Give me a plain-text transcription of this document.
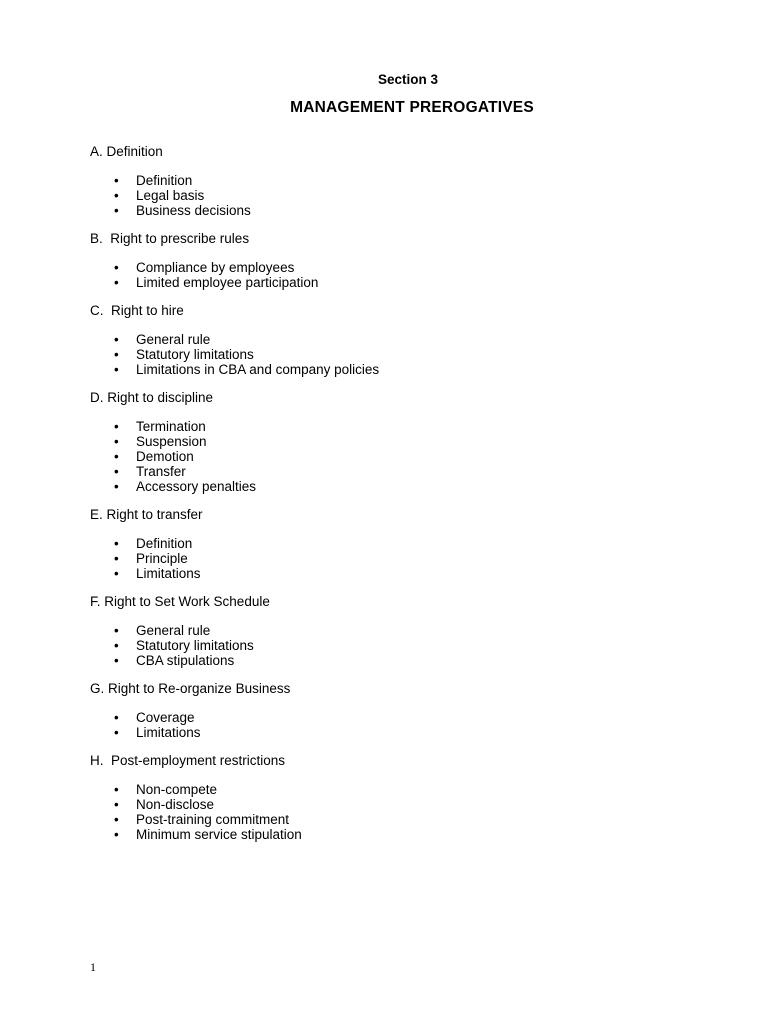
Section 3
MANAGEMENT PREROGATIVES
A. Definition
• Definition
• Legal basis
• Business decisions
B.  Right to prescribe rules
• Compliance by employees
• Limited employee participation
C.  Right to hire
• General rule
• Statutory limitations
• Limitations in CBA and company policies
D. Right to discipline
• Termination
• Suspension
• Demotion
• Transfer
• Accessory penalties
E. Right to transfer
• Definition
• Principle
• Limitations
F. Right to Set Work Schedule
• General rule
• Statutory limitations
• CBA stipulations
G. Right to Re-organize Business
• Coverage
• Limitations
H.  Post-employment restrictions
• Non-compete
• Non-disclose
• Post-training commitment
• Minimum service stipulation
1
